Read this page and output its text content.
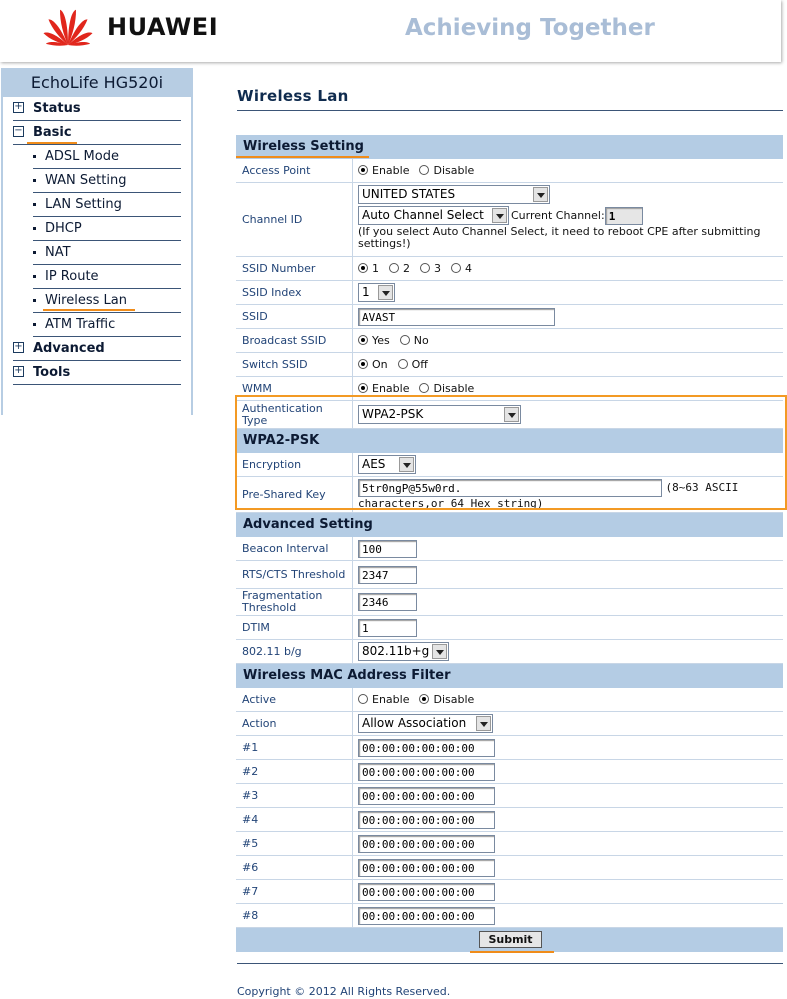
HUAWEI	Achieving Together
EchoLife HG520i
+ Status
− Basic
ADSL Mode
WAN Setting
LAN Setting
DHCP
NAT
IP Route
Wireless Lan
ATM Traffic
+ Advanced
+ Tools
Wireless Lan
Wireless Setting
Access Point	Enable	Disable
Channel ID
UNITED STATES
Auto Channel Select	Current Channel: 1
(If you select Auto Channel Select, it need to reboot CPE after submitting settings!)
SSID Number	1	2	3	4
SSID Index	1
SSID	AVAST
Broadcast SSID	Yes	No
Switch SSID	On	Off
WMM	Enable	Disable
Authentication Type	WPA2-PSK
WPA2-PSK
Encryption	AES
Pre-Shared Key	5tr0ngP@55w0rd.	(8~63 ASCII characters,or 64 Hex string)
Advanced Setting
Beacon Interval	100
RTS/CTS Threshold	2347
Fragmentation Threshold	2346
DTIM	1
802.11 b/g	802.11b+g
Wireless MAC Address Filter
Active	Enable	Disable
Action	Allow Association
#1	00:00:00:00:00:00
#2	00:00:00:00:00:00
#3	00:00:00:00:00:00
#4	00:00:00:00:00:00
#5	00:00:00:00:00:00
#6	00:00:00:00:00:00
#7	00:00:00:00:00:00
#8	00:00:00:00:00:00
Submit
Copyright © 2012 All Rights Reserved.
